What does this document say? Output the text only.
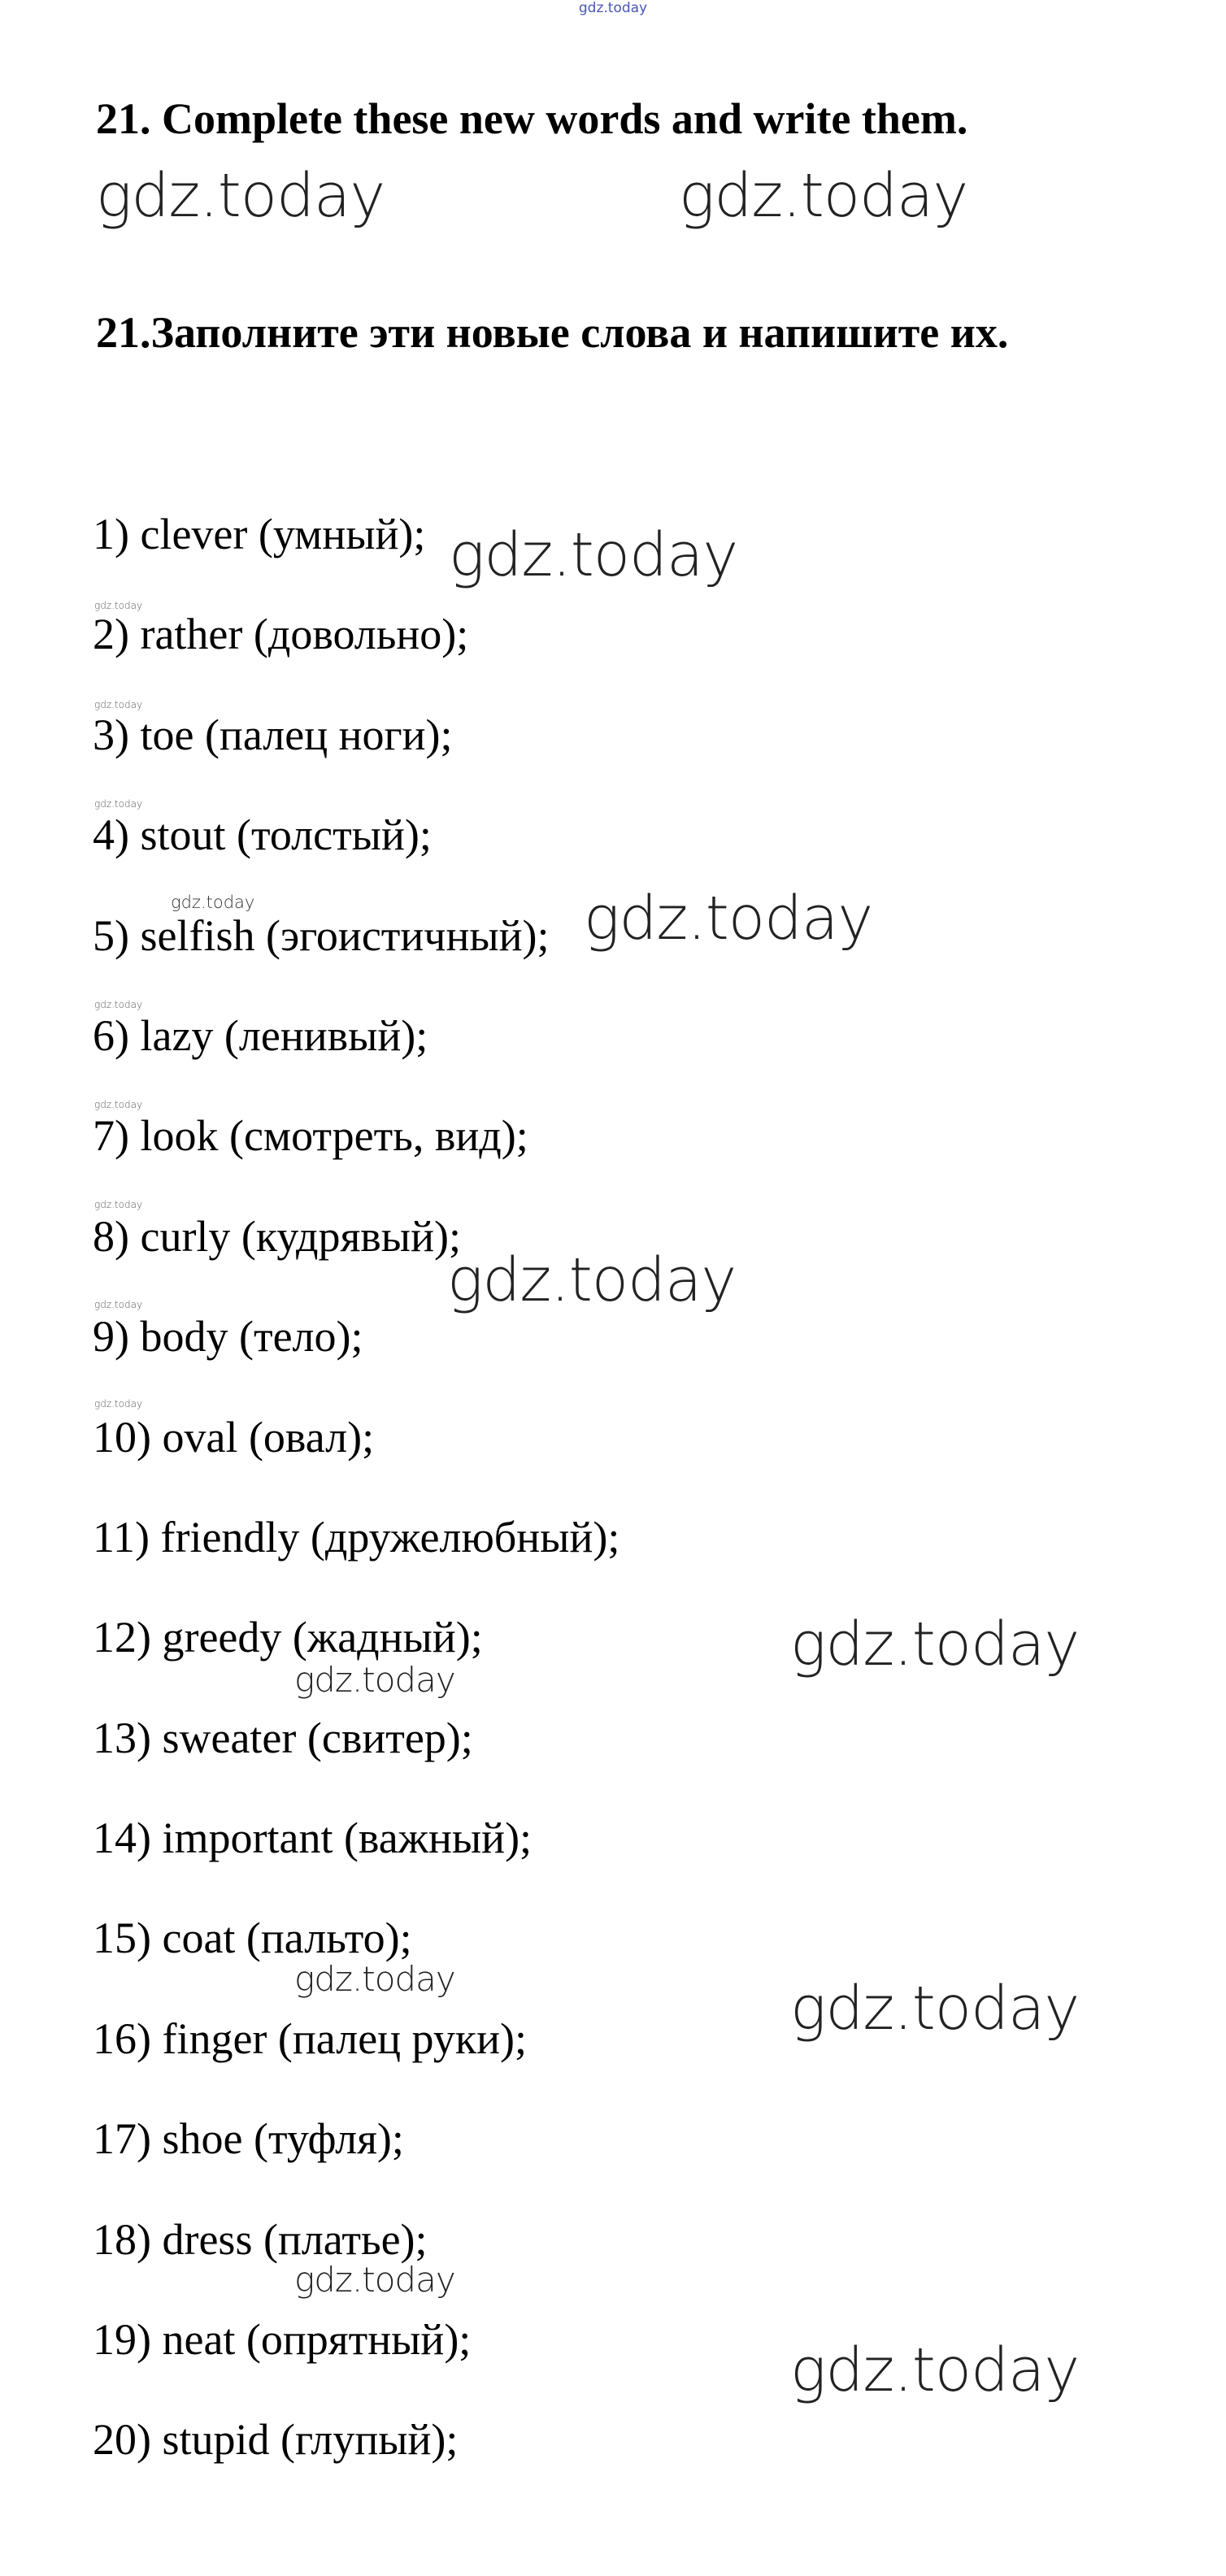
gdz.today
21. Complete these new words and write them.
gdz.today	gdz.today
21.Заполните эти новые слова и напишите их.
1) clever (умный);
2) rather (довольно);
3) toe (палец ноги);
4) stout (толстый);
5) selfish (эгоистичный);
6) lazy (ленивый);
7) look (смотреть, вид);
8) curly (кудрявый);
9) body (тело);
10) oval (овал);
11) friendly (дружелюбный);
12) greedy (жадный);
13) sweater (свитер);
14) important (важный);
15) coat (пальто);
16) finger (палец руки);
17) shoe (туфля);
18) dress (платье);
19) neat (опрятный);
20) stupid (глупый);
gdz.today
gdz.today
gdz.today
gdz.today
gdz.today
gdz.today
gdz.today
gdz.today
gdz.today
gdz.today
gdz.today
gdz.today
gdz.today
gdz.today
gdz.today
gdz.today
gdz.today
gdz.today
